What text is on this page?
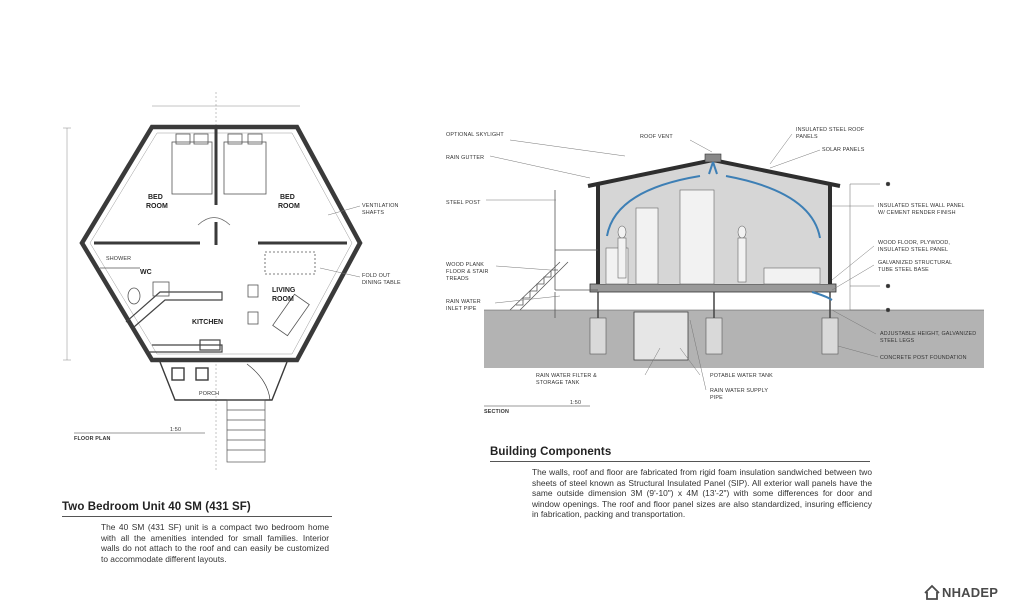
BED
ROOM
BED
ROOM
WC
LIVING
ROOM
KITCHEN
SHOWER
PORCH
VENTILATION
SHAFTS
FOLD OUT
DINING TABLE
FLOOR PLAN
1:50
OPTIONAL SKYLIGHT
RAIN GUTTER
STEEL POST
WOOD PLANK
FLOOR & STAIR
TREADS
RAIN WATER
INLET PIPE
ROOF VENT
INSULATED STEEL ROOF
PANELS
SOLAR PANELS
INSULATED STEEL WALL PANEL
W/ CEMENT RENDER FINISH
WOOD FLOOR, PLYWOOD,
INSULATED STEEL PANEL
GALVANIZED STRUCTURAL
TUBE STEEL BASE
ADJUSTABLE HEIGHT, GALVANIZED
STEEL LEGS
CONCRETE POST FOUNDATION
RAIN WATER FILTER &
STORAGE TANK
POTABLE WATER TANK
RAIN WATER SUPPLY
PIPE
SECTION
1:50
Building Components
The walls, roof and floor are fabricated from rigid foam insulation sandwiched between two sheets of steel known as Structural Insulated Panel (SIP). All exterior wall panels have the same outside dimension 3M (9'-10") x 4M (13'-2") with some differences for door and window openings. The roof and floor panel sizes are also standardized, insuring efficiency in fabrication, packing and transportation.
Two Bedroom Unit 40 SM (431 SF)
The 40 SM (431 SF) unit is a compact two bedroom home with all the amenities intended for small families. Interior walls do not attach to the roof and can easily be customized to accommodate different layouts.
NHADEP
